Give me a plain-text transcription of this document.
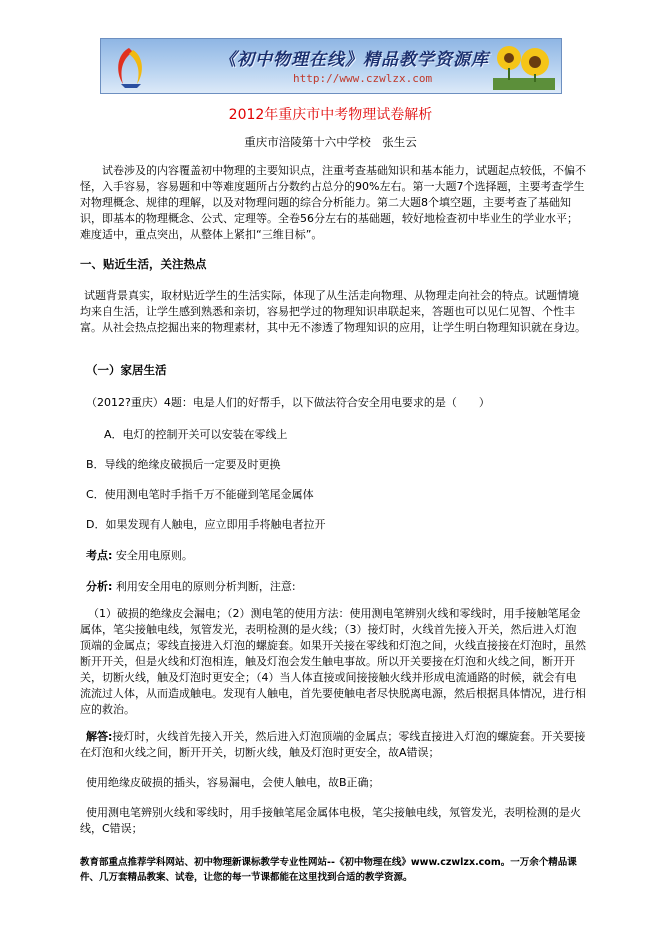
《初中物理在线》精品教学资源库
http://www.czwlzx.com
2012年重庆市中考物理试卷解析
重庆市涪陵第十六中学校　张生云
试卷涉及的内容覆盖初中物理的主要知识点，注重考查基础知识和基本能力，试题起点较低，不偏不怪，入手容易，容易题和中等难度题所占分数约占总分的90%左右。第一大题7个选择题，主要考查学生对物理概念、规律的理解，以及对物理问题的综合分析能力。第二大题8个填空题，主要考查了基础知识，即基本的物理概念、公式、定理等。全卷56分左右的基础题，较好地检查初中毕业生的学业水平；难度适中，重点突出，从整体上紧扣“三维目标”。
一、贴近生活，关注热点
试题背景真实，取材贴近学生的生活实际，体现了从生活走向物理、从物理走向社会的特点。试题情境均来自生活，让学生感到熟悉和亲切，容易把学过的物理知识串联起来，答题也可以见仁见智、个性丰富。从社会热点挖掘出来的物理素材，其中无不渗透了物理知识的应用，让学生明白物理知识就在身边。
（一）家居生活
（2012?重庆）4题：电是人们的好帮手，以下做法符合安全用电要求的是（　　）
A．电灯的控制开关可以安装在零线上
B．导线的绝缘皮破损后一定要及时更换
C．使用测电笔时手指千万不能碰到笔尾金属体
D．如果发现有人触电，应立即用手将触电者拉开
考点: 安全用电原则。
分析: 利用安全用电的原则分析判断，注意:
（1）破损的绝缘皮会漏电；（2）测电笔的使用方法：使用测电笔辨别火线和零线时，用手接触笔尾金属体，笔尖接触电线，氖管发光，表明检测的是火线；（3）接灯时，火线首先接入开关，然后进入灯泡顶端的金属点；零线直接进入灯泡的螺旋套。如果开关接在零线和灯泡之间，火线直接接在灯泡时，虽然断开开关，但是火线和灯泡相连，触及灯泡会发生触电事故。所以开关要接在灯泡和火线之间，断开开关，切断火线，触及灯泡时更安全；（4）当人体直接或间接接触火线并形成电流通路的时候，就会有电流流过人体，从而造成触电。发现有人触电，首先要使触电者尽快脱离电源，然后根据具体情况，进行相应的救治。
解答:接灯时，火线首先接入开关，然后进入灯泡顶端的金属点；零线直接进入灯泡的螺旋套。开关要接在灯泡和火线之间，断开开关，切断火线，触及灯泡时更安全，故A错误；
使用绝缘皮破损的插头，容易漏电，会使人触电，故B正确；
使用测电笔辨别火线和零线时，用手接触笔尾金属体电极，笔尖接触电线，氖管发光，表明检测的是火线，C错误；
教育部重点推荐学科网站、初中物理新课标教学专业性网站--《初中物理在线》www.czwlzx.com。一万余个精品课件、几万套精品教案、试卷，让您的每一节课都能在这里找到合适的教学资源。
